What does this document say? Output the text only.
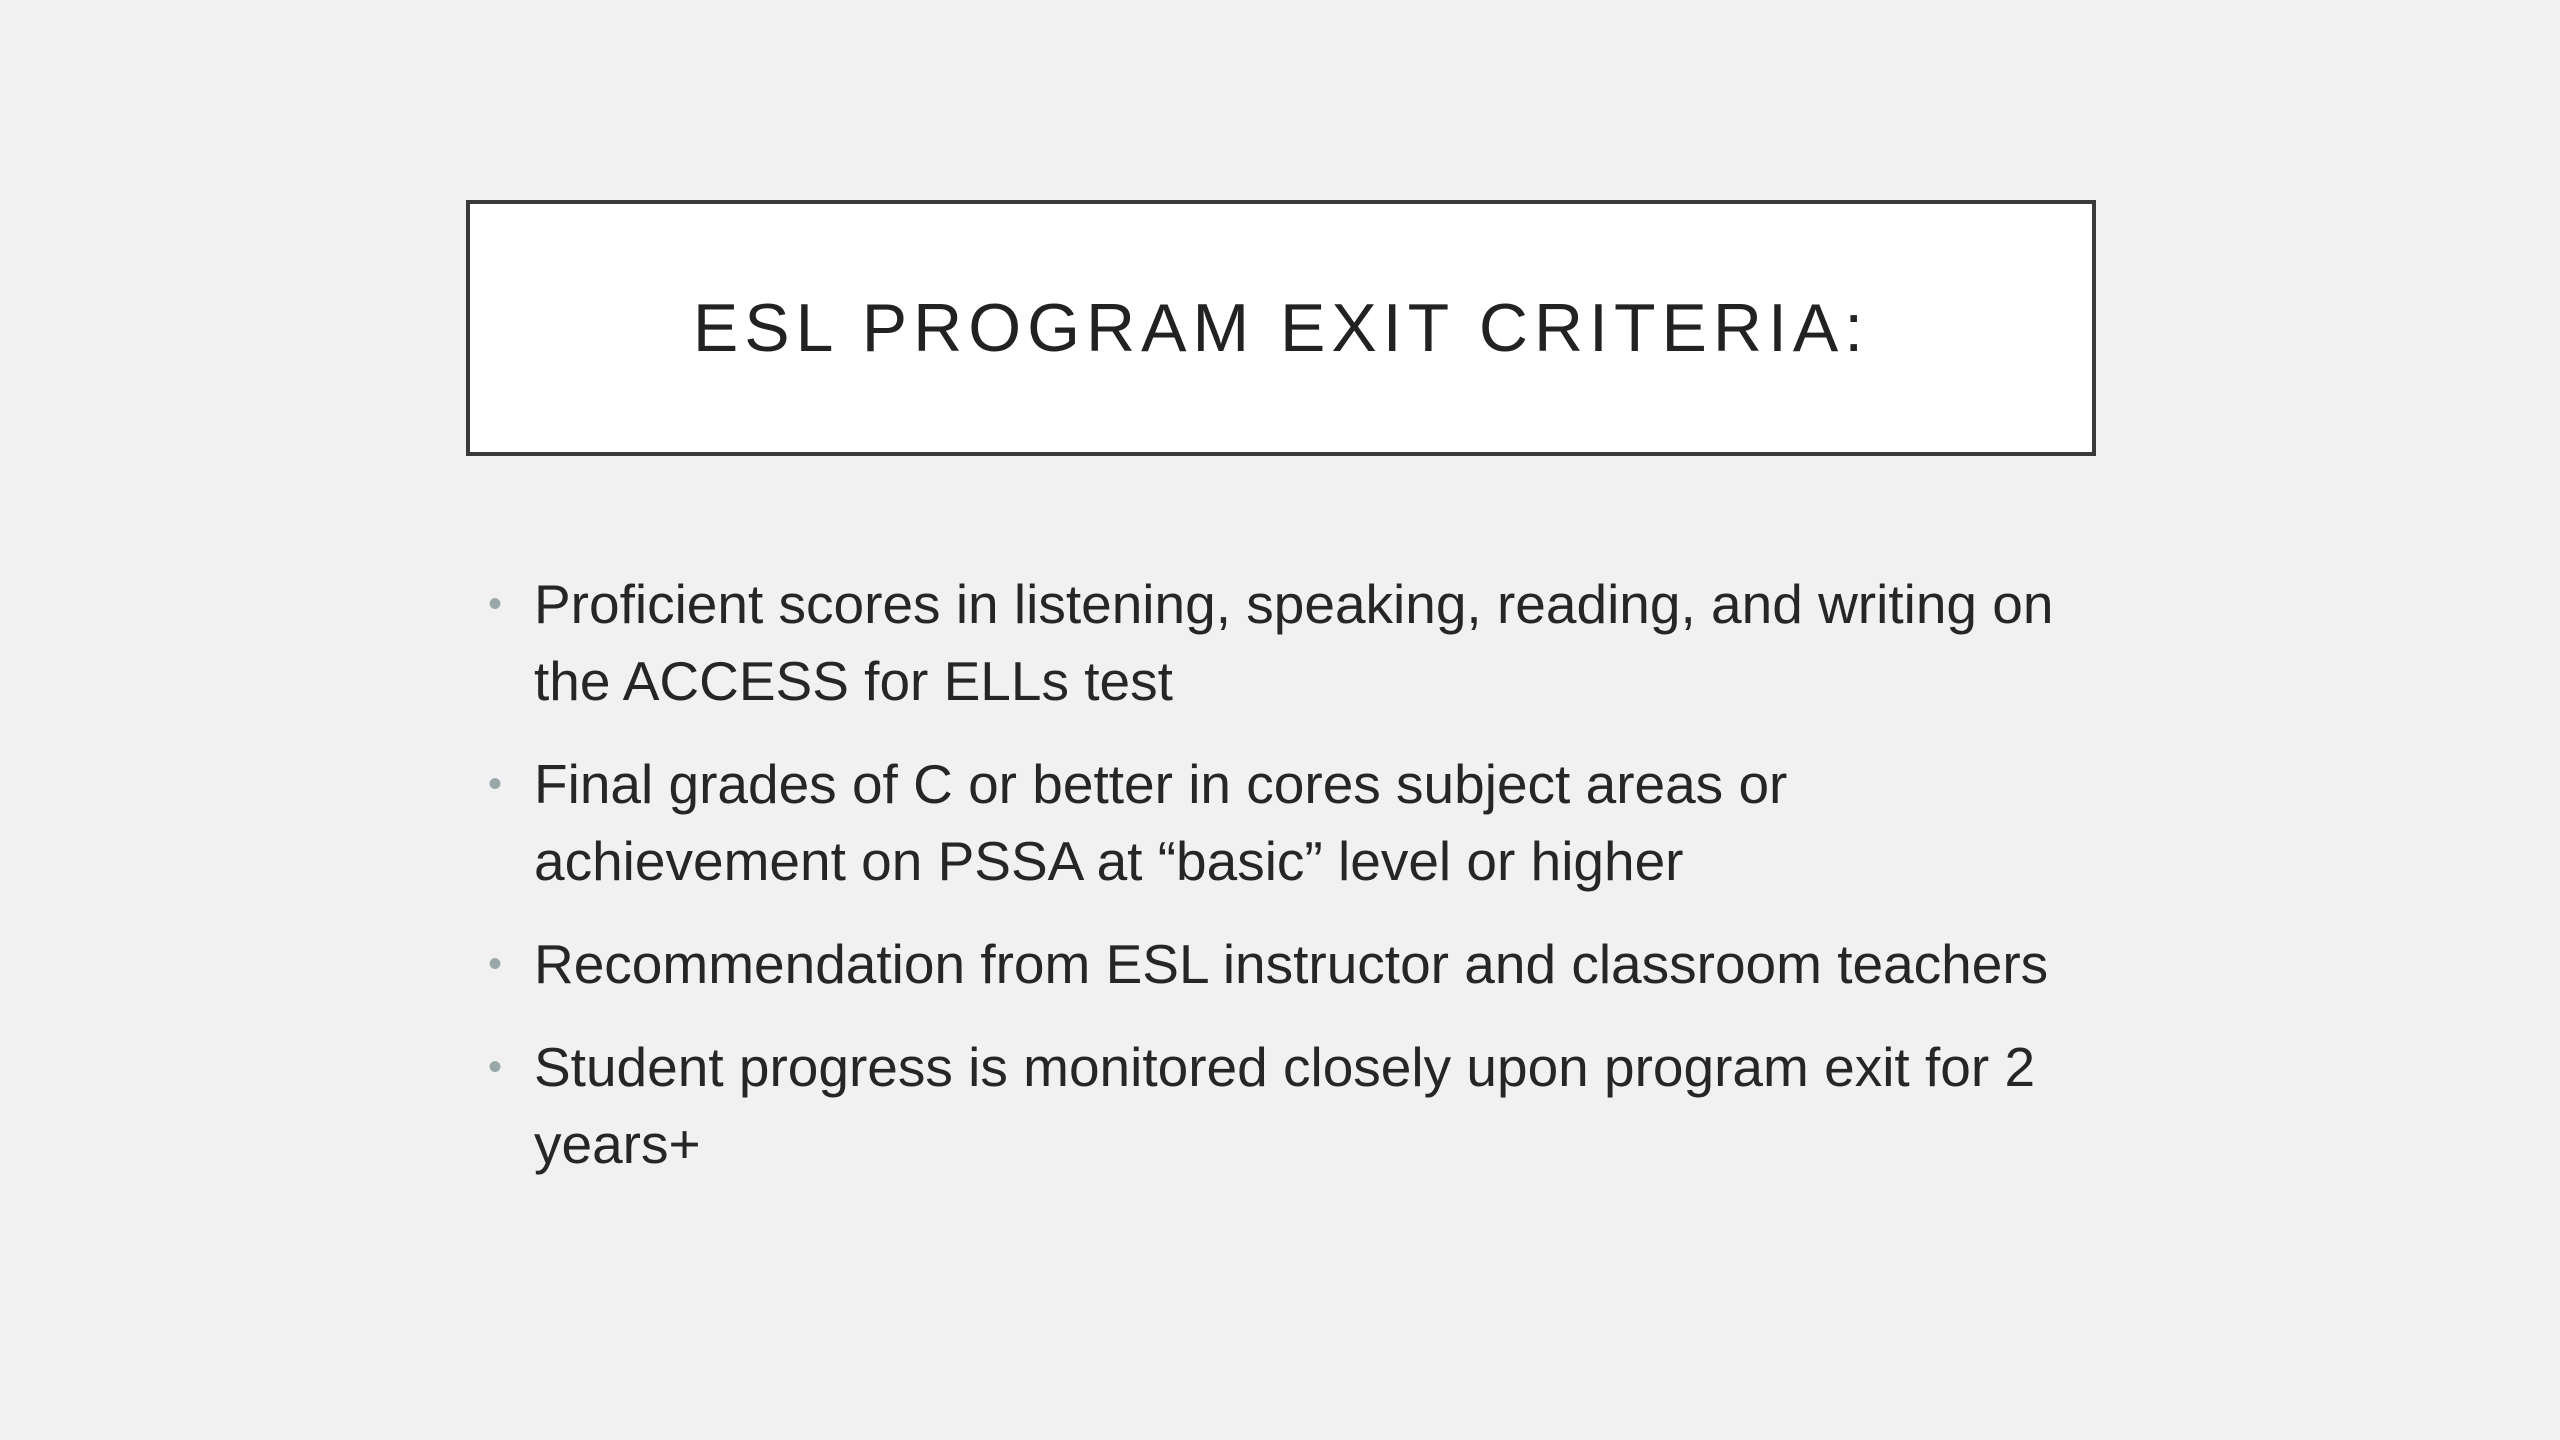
ESL PROGRAM EXIT CRITERIA:
• Proficient scores in listening, speaking, reading, and writing on the ACCESS for ELLs test
• Final grades of C or better in cores subject areas or achievement on PSSA at “basic” level or higher
• Recommendation from ESL instructor and classroom teachers
• Student progress is monitored closely upon program exit for 2 years+
